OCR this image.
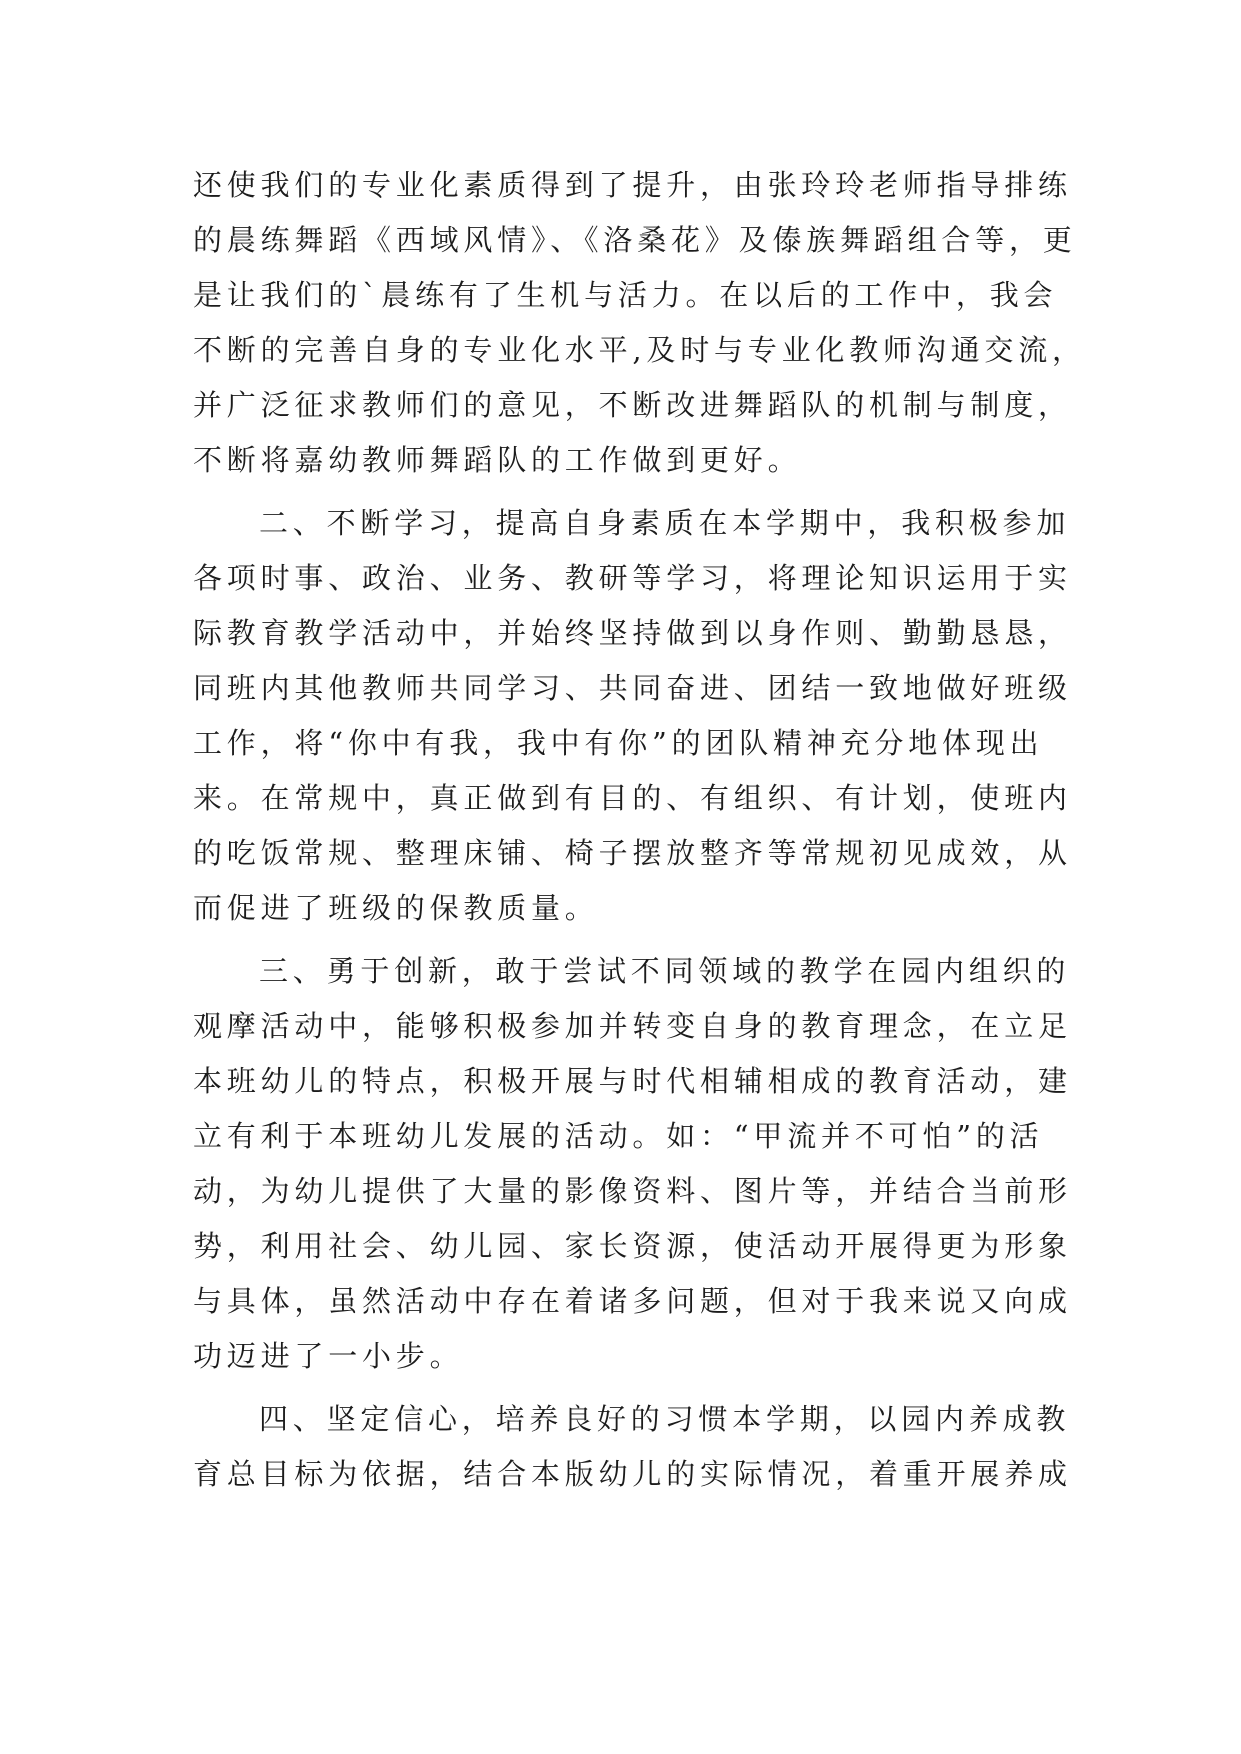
还使我们的专业化素质得到了提升，由张玲玲老师指导排练
的晨练舞蹈《西域风情》、《洛桑花》及傣族舞蹈组合等，更
是让我们的`晨练有了生机与活力。在以后的工作中，我会
不断的完善自身的专业化水平,及时与专业化教师沟通交流，
并广泛征求教师们的意见，不断改进舞蹈队的机制与制度，
不断将嘉幼教师舞蹈队的工作做到更好。
二、不断学习，提高自身素质在本学期中，我积极参加
各项时事、政治、业务、教研等学习，将理论知识运用于实
际教育教学活动中，并始终坚持做到以身作则、勤勤恳恳，
同班内其他教师共同学习、共同奋进、团结一致地做好班级
工作，将“你中有我，我中有你”的团队精神充分地体现出
来。在常规中，真正做到有目的、有组织、有计划，使班内
的吃饭常规、整理床铺、椅子摆放整齐等常规初见成效，从
而促进了班级的保教质量。
三、勇于创新，敢于尝试不同领域的教学在园内组织的
观摩活动中，能够积极参加并转变自身的教育理念，在立足
本班幼儿的特点，积极开展与时代相辅相成的教育活动，建
立有利于本班幼儿发展的活动。如：“甲流并不可怕”的活
动，为幼儿提供了大量的影像资料、图片等，并结合当前形
势，利用社会、幼儿园、家长资源，使活动开展得更为形象
与具体，虽然活动中存在着诸多问题，但对于我来说又向成
功迈进了一小步。
四、坚定信心，培养良好的习惯本学期，以园内养成教
育总目标为依据，结合本版幼儿的实际情况，着重开展养成
